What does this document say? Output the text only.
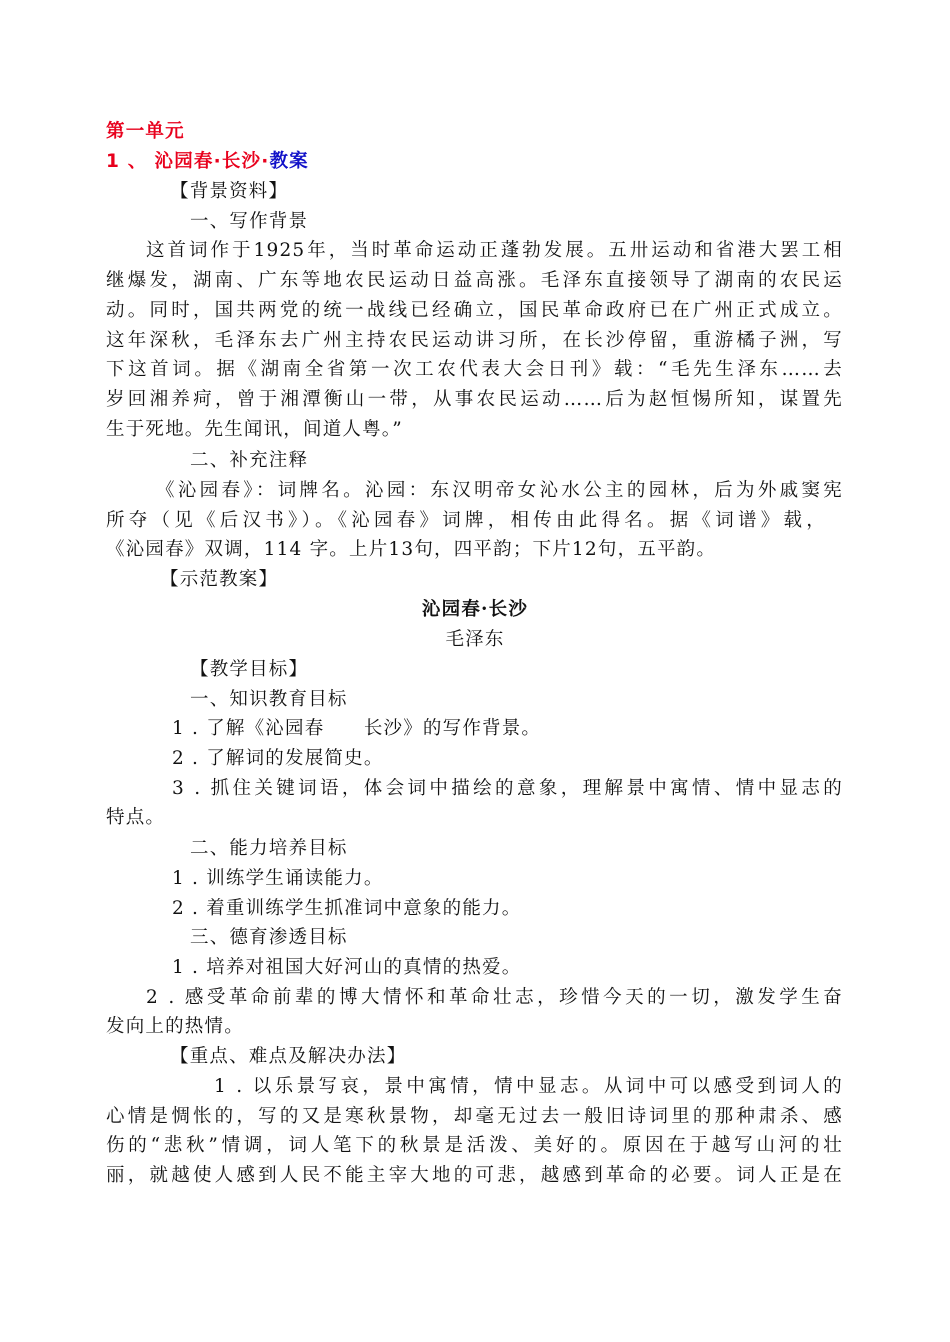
第一单元
1 、 沁园春·长沙·教案
【背景资料】
一、写作背景
这首词作于1925年，当时革命运动正蓬勃发展。五卅运动和省港大罢工相
继爆发，湖南、广东等地农民运动日益高涨。毛泽东直接领导了湖南的农民运
动。同时，国共两党的统一战线已经确立，国民革命政府已在广州正式成立。
这年深秋，毛泽东去广州主持农民运动讲习所，在长沙停留，重游橘子洲，写
下这首词。据《湖南全省第一次工农代表大会日刊》载：“毛先生泽东……去
岁回湘养疴，曾于湘潭衡山一带，从事农民运动……后为赵恒惕所知，谋置先
生于死地。先生闻讯，间道人粤。”
二、补充注释
《沁园春》：词牌名。沁园：东汉明帝女沁水公主的园林，后为外戚窦宪
所夺（见《后汉书》）。《沁园春》词牌，相传由此得名。据《词谱》载，
《沁园春》双调，114 字。上片13句，四平韵；下片12句，五平韵。
【示范教案】
沁园春·长沙
毛泽东
【教学目标】
一、知识教育目标
1 . 了解《沁园春　　长沙》的写作背景。
2 . 了解词的发展简史。
3 . 抓住关键词语，体会词中描绘的意象，理解景中寓情、情中显志的
特点。
二、能力培养目标
1 . 训练学生诵读能力。
2 . 着重训练学生抓准词中意象的能力。
三、德育渗透目标
1 . 培养对祖国大好河山的真情的热爱。
2 . 感受革命前辈的博大情怀和革命壮志，珍惜今天的一切，激发学生奋
发向上的热情。
【重点、难点及解决办法】
1 . 以乐景写哀，景中寓情，情中显志。从词中可以感受到词人的
心情是惆怅的，写的又是寒秋景物，却毫无过去一般旧诗词里的那种肃杀、感
伤的“悲秋”情调，词人笔下的秋景是活泼、美好的。原因在于越写山河的壮
丽，就越使人感到人民不能主宰大地的可悲，越感到革命的必要。词人正是在
